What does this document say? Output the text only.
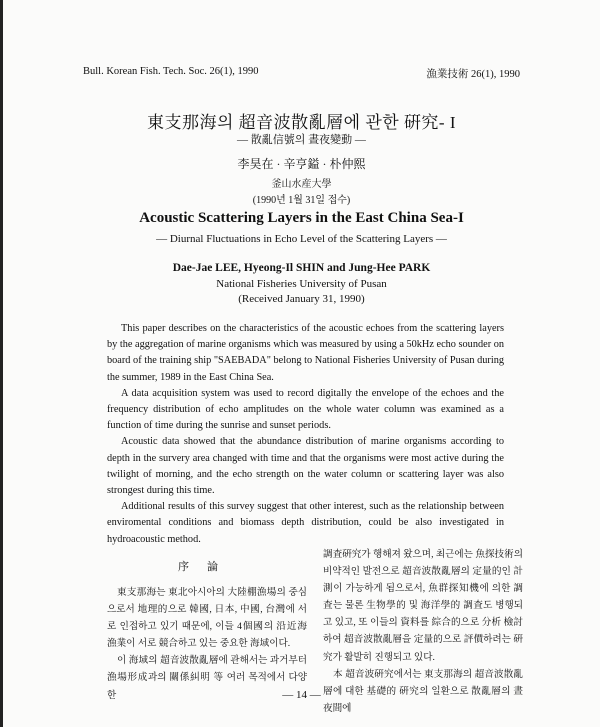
Bull. Korean Fish. Tech. Soc. 26(1), 1990	漁業技術 26(1), 1990
東支那海의 超音波散亂層에 관한 硏究- I
— 散亂信號의 晝夜變動 —
李昊在 · 辛亨鎰 · 朴仲熙
釜山水産大學
(1990년 1월 31일 접수)
Acoustic Scattering Layers in the East China Sea-I
— Diurnal Fluctuations in Echo Level of the Scattering Layers —
Dae-Jae LEE, Hyeong-Il SHIN and Jung-Hee PARK
National Fisheries University of Pusan
(Received January 31, 1990)

This paper describes on the characteristics of the acoustic echoes from the scattering layers by the aggregation of marine organisms which was measured by using a 50kHz echo sounder on board of the training ship "SAEBADA" belong to National Fisheries University of Pusan during the summer, 1989 in the East China Sea.

A data acquisition system was used to record digitally the envelope of the echoes and the frequency distribution of echo amplitudes on the whole water column was examined as a function of time during the sunrise and sunset periods.

Acoustic data showed that the abundance distribution of marine organisms according to depth in the survery area changed with time and that the organisms were most active during the twilight of morning, and the echo strength on the water column or scattering layer was also strongest during this time.

Additional results of this survey suggest that other interest, such as the relationship between enviromental conditions and biomass depth distribution, could be also investigated in hydroacoustic method.

序論

東支那海는 東北아시아의 大陸棚漁場의 중심으로서 地理的으로 韓國, 日本, 中國, 台灣에 서로 인접하고 있기 때문에, 이들 4個國의 沿近海 漁業이 서로 競合하고 있는 중요한 海域이다.

이 海域의 超音波散亂層에 관해서는 과거부터 漁場形成과의 關係糾明 等 여러 목적에서 다양한

調査硏究가 행해져 왔으며, 최근에는 魚探技術의 비약적인 발전으로 超音波散亂層의 定量的인 計測이 가능하게 됨으로서, 魚群探知機에 의한 調査는 물론 生物學的 및 海洋學的 調査도 병행되고 있고, 또 이들의 資料를 綜合的으로 分析 檢討하여 超音波散亂層을 定量的으로 評價하려는 硏究가 활발히 진행되고 있다.

本 超音波硏究에서는 東支那海의 超音波散亂層에 대한 基礎的 硏究의 일환으로 散亂層의 晝夜間에

— 14 —
